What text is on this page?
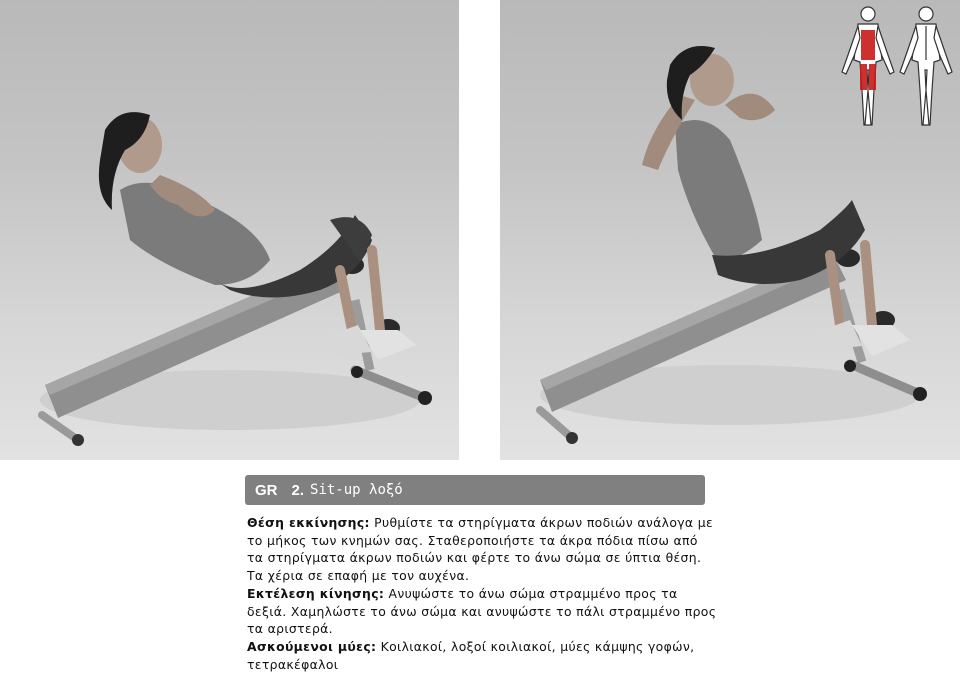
GR 2. Sit-up λοξό

Θέση εκκίνησης: Ρυθμίστε τα στηρίγματα άκρων ποδιών ανάλογα με το μήκος των κνημών σας. Σταθεροποιήστε τα άκρα πόδια πίσω από τα στηρίγματα άκρων ποδιών και φέρτε το άνω σώμα σε ύπτια θέση. Τα χέρια σε επαφή με τον αυχένα.

Εκτέλεση κίνησης: Ανυψώστε το άνω σώμα στραμμένο προς τα δεξιά. Χαμηλώστε το άνω σώμα και ανυψώστε το πάλι στραμμένο προς τα αριστερά.

Ασκούμενοι μύες: Κοιλιακοί, λοξοί κοιλιακοί, μύες κάμψης γοφών, τετρακέφαλοι
